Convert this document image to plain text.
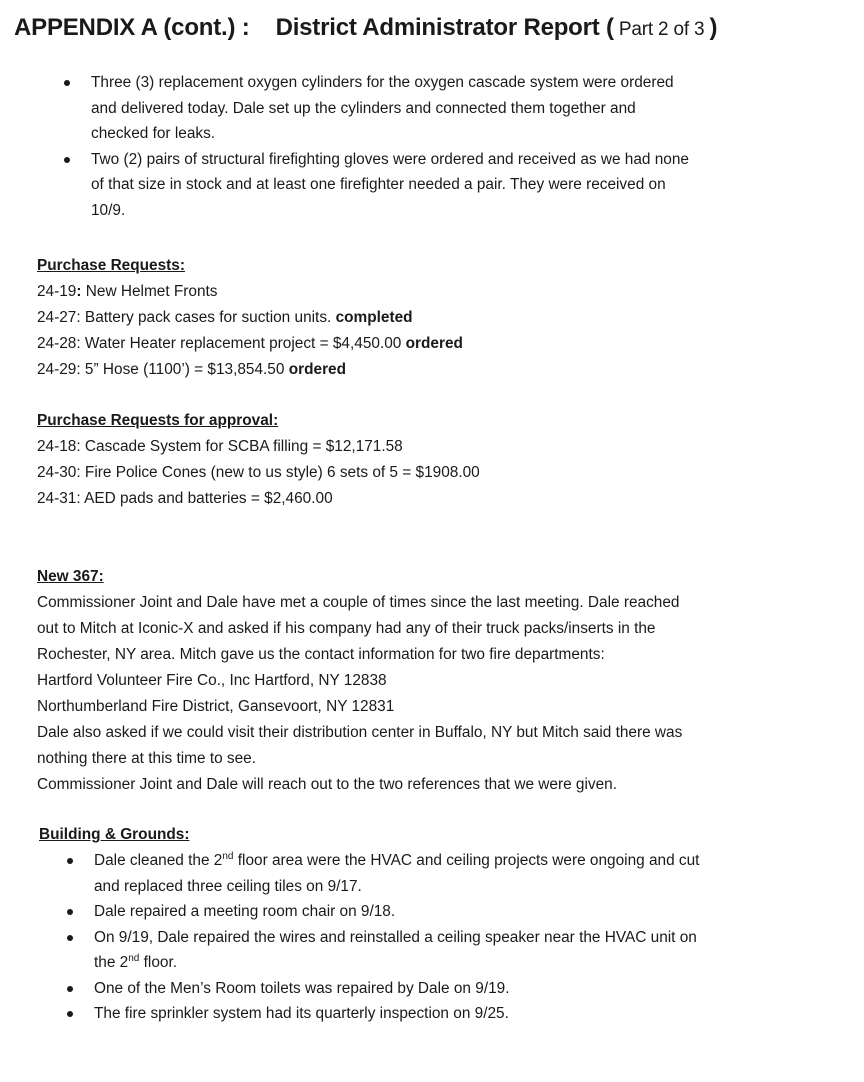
APPENDIX A (cont.) : District Administrator Report ( Part 2 of 3 )
Three (3) replacement oxygen cylinders for the oxygen cascade system were ordered
and delivered today. Dale set up the cylinders and connected them together and
checked for leaks.
Two (2) pairs of structural firefighting gloves were ordered and received as we had none
of that size in stock and at least one firefighter needed a pair. They were received on
10/9.

Purchase Requests:

24-19: New Helmet Fronts

24-27: Battery pack cases for suction units. completed

24-28: Water Heater replacement project = $4,450.00 ordered

24-29: 5” Hose (1100’) = $13,854.50 ordered

Purchase Requests for approval:

24-18: Cascade System for SCBA filling = $12,171.58

24-30: Fire Police Cones (new to us style) 6 sets of 5 = $1908.00

24-31: AED pads and batteries = $2,460.00

New 367:

Commissioner Joint and Dale have met a couple of times since the last meeting. Dale reached

out to Mitch at Iconic-X and asked if his company had any of their truck packs/inserts in the

Rochester, NY area. Mitch gave us the contact information for two fire departments:

Hartford Volunteer Fire Co., Inc Hartford, NY 12838

Northumberland Fire District, Gansevoort, NY 12831

Dale also asked if we could visit their distribution center in Buffalo, NY but Mitch said there was

nothing there at this time to see.

Commissioner Joint and Dale will reach out to the two references that we were given.

Building & Grounds:

Dale cleaned the 2nd floor area were the HVAC and ceiling projects were ongoing and cut
and replaced three ceiling tiles on 9/17.
Dale repaired a meeting room chair on 9/18.
On 9/19, Dale repaired the wires and reinstalled a ceiling speaker near the HVAC unit on
the 2nd floor.
One of the Men’s Room toilets was repaired by Dale on 9/19.
The fire sprinkler system had its quarterly inspection on 9/25.
